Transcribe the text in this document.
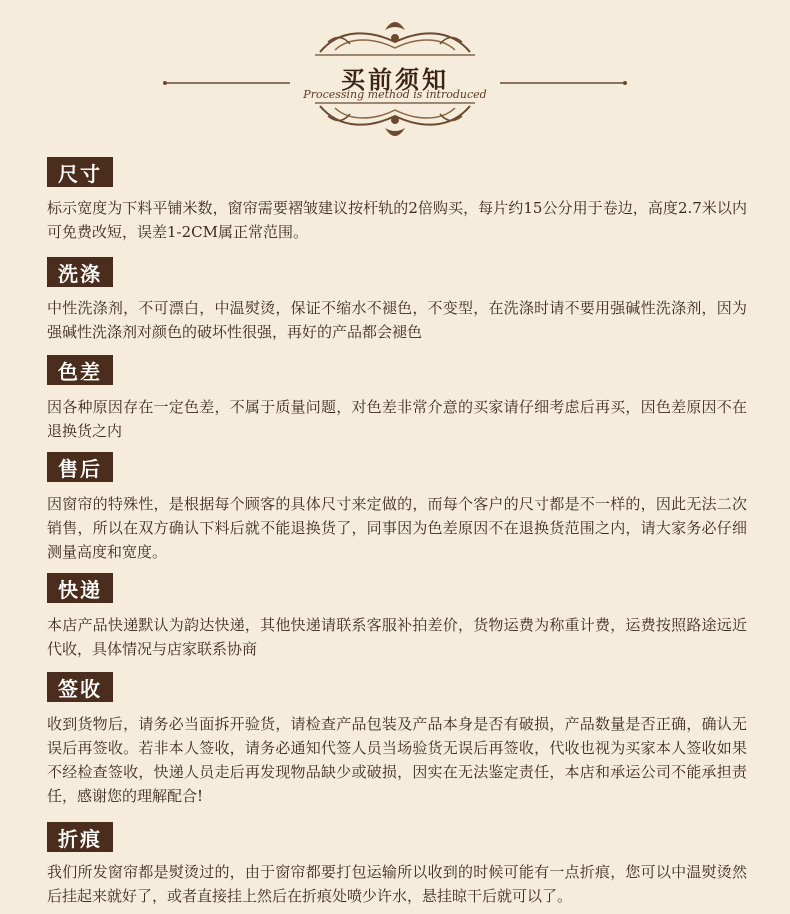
买前须知
Processing method is introduced
尺寸
标示宽度为下料平铺米数，窗帘需要褶皱建议按杆轨的2倍购买，每片约15公分用于卷边，高度2.7米以内可免费改短，误差1-2CM属正常范围。
洗涤
中性洗涤剂，不可漂白，中温熨烫，保证不缩水不褪色，不变型，在洗涤时请不要用强碱性洗涤剂，因为强碱性洗涤剂对颜色的破坏性很强，再好的产品都会褪色
色差
因各种原因存在一定色差，不属于质量问题，对色差非常介意的买家请仔细考虑后再买，因色差原因不在退换货之内
售后
因窗帘的特殊性，是根据每个顾客的具体尺寸来定做的，而每个客户的尺寸都是不一样的，因此无法二次销售，所以在双方确认下料后就不能退换货了，同事因为色差原因不在退换货范围之内，请大家务必仔细测量高度和宽度。
快递
本店产品快递默认为韵达快递，其他快递请联系客服补拍差价，货物运费为称重计费，运费按照路途远近代收，具体情况与店家联系协商
签收
收到货物后，请务必当面拆开验货，请检查产品包装及产品本身是否有破损，产品数量是否正确，确认无误后再签收。若非本人签收，请务必通知代签人员当场验货无误后再签收，代收也视为买家本人签收如果不经检查签收，快递人员走后再发现物品缺少或破损，因实在无法鉴定责任，本店和承运公司不能承担责任，感谢您的理解配合!
折痕
我们所发窗帘都是熨烫过的，由于窗帘都要打包运输所以收到的时候可能有一点折痕，您可以中温熨烫然后挂起来就好了，或者直接挂上然后在折痕处喷少许水，悬挂晾干后就可以了。
